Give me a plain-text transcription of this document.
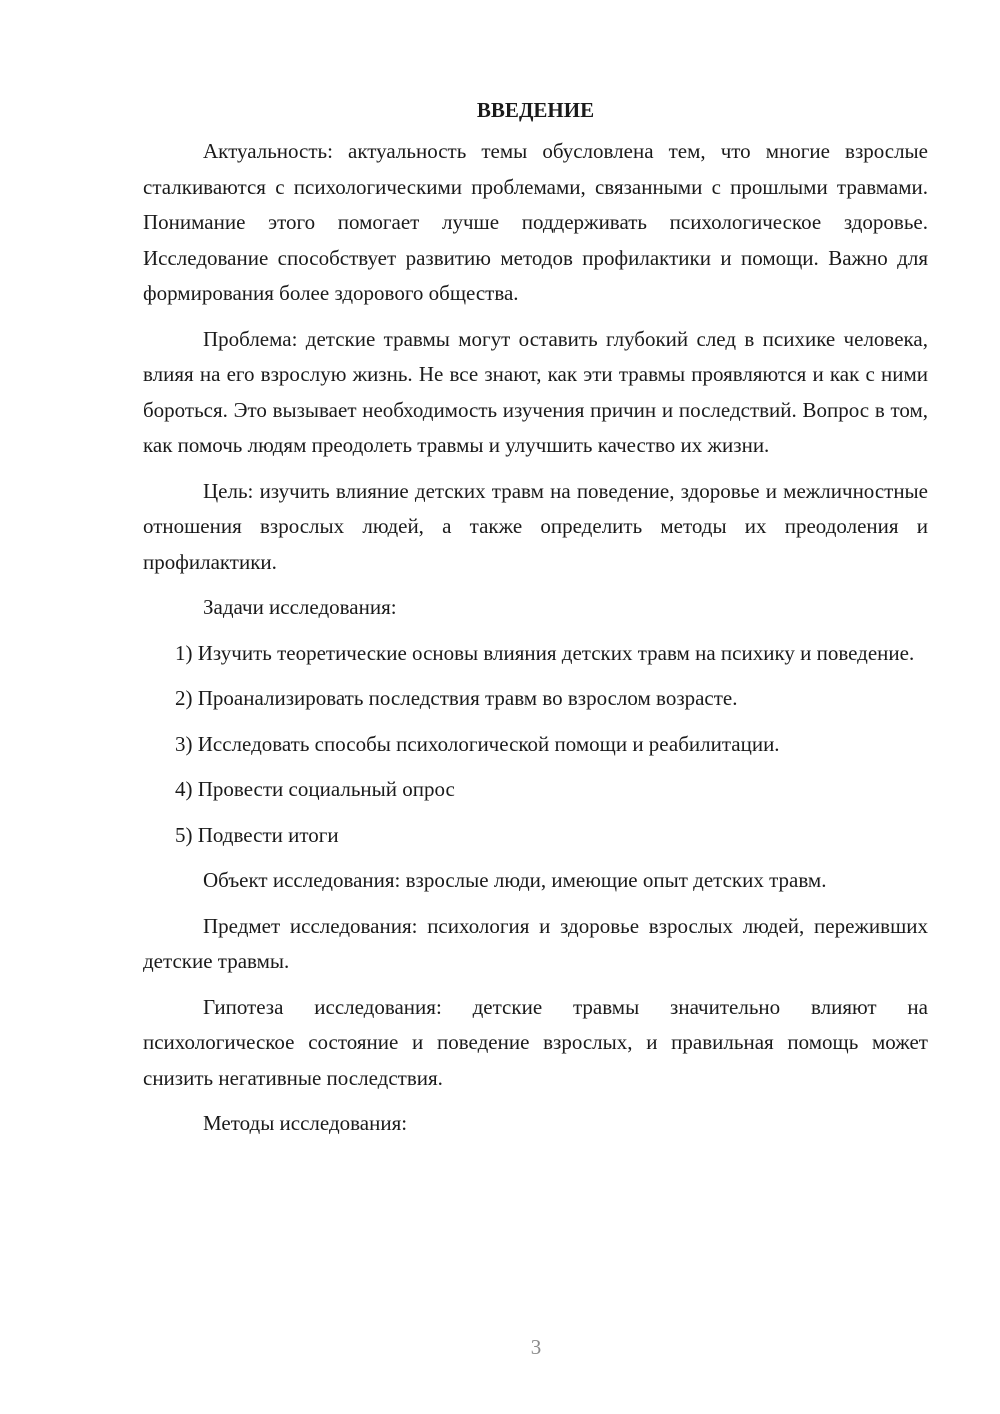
ВВЕДЕНИЕ

Актуальность: актуальность темы обусловлена тем, что многие взрослые сталкиваются с психологическими проблемами, связанными с прошлыми травмами. Понимание этого помогает лучше поддерживать психологическое здоровье. Исследование способствует развитию методов профилактики и помощи. Важно для формирования более здорового общества.

Проблема: детские травмы могут оставить глубокий след в психике человека, влияя на его взрослую жизнь. Не все знают, как эти травмы проявляются и как с ними бороться. Это вызывает необходимость изучения причин и последствий. Вопрос в том, как помочь людям преодолеть травмы и улучшить качество их жизни.

Цель: изучить влияние детских травм на поведение, здоровье и межличностные отношения взрослых людей, а также определить методы их преодоления и профилактики.

Задачи исследования:

1) Изучить теоретические основы влияния детских травм на психику и поведение.

2) Проанализировать последствия травм во взрослом возрасте.

3) Исследовать способы психологической помощи и реабилитации.

4) Провести социальный опрос

5) Подвести итоги

Объект исследования: взрослые люди, имеющие опыт детских травм.

Предмет исследования: психология и здоровье взрослых людей, переживших детские травмы.

Гипотеза исследования: детские травмы значительно влияют на психологическое состояние и поведение взрослых, и правильная помощь может снизить негативные последствия.

Методы исследования:

3
